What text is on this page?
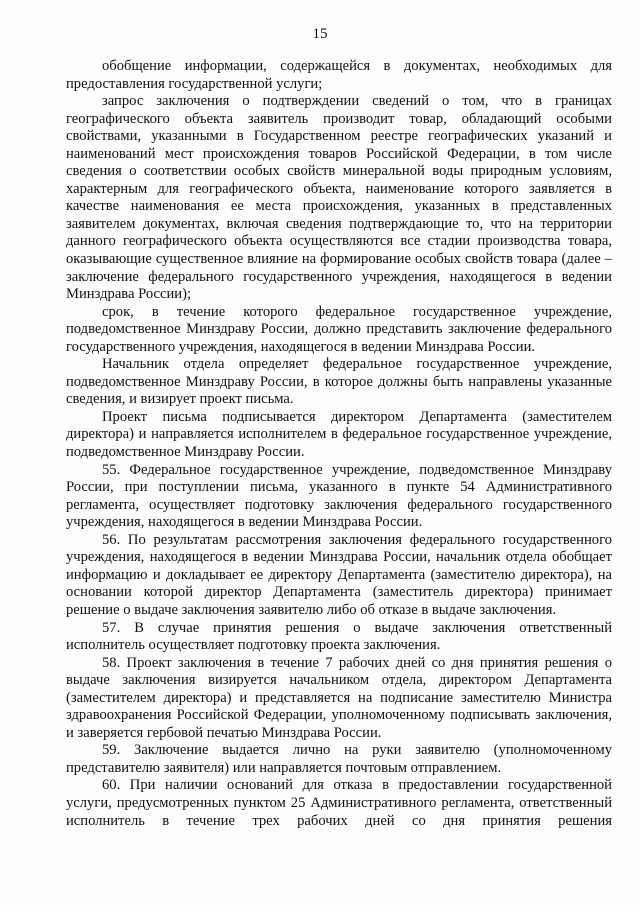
15

обобщение информации, содержащейся в документах, необходимых для предоставления государственной услуги;

запрос заключения о подтверждении сведений о том, что в границах географического объекта заявитель производит товар, обладающий особыми свойствами, указанными в Государственном реестре географических указаний и наименований мест происхождения товаров Российской Федерации, в том числе сведения о соответствии особых свойств минеральной воды природным условиям, характерным для географического объекта, наименование которого заявляется в качестве наименования ее места происхождения, указанных в представленных заявителем документах, включая сведения подтверждающие то, что на территории данного географического объекта осуществляются все стадии производства товара, оказывающие существенное влияние на формирование особых свойств товара (далее – заключение федерального государственного учреждения, находящегося в ведении Минздрава России);

срок, в течение которого федеральное государственное учреждение, подведомственное Минздраву России, должно представить заключение федерального государственного учреждения, находящегося в ведении Минздрава России.

Начальник отдела определяет федеральное государственное учреждение, подведомственное Минздраву России, в которое должны быть направлены указанные сведения, и визирует проект письма.

Проект письма подписывается директором Департамента (заместителем директора) и направляется исполнителем в федеральное государственное учреждение, подведомственное Минздраву России.

55. Федеральное государственное учреждение, подведомственное Минздраву России, при поступлении письма, указанного в пункте 54 Административного регламента, осуществляет подготовку заключения федерального государственного учреждения, находящегося в ведении Минздрава России.

56. По результатам рассмотрения заключения федерального государственного учреждения, находящегося в ведении Минздрава России, начальник отдела обобщает информацию и докладывает ее директору Департамента (заместителю директора), на основании которой директор Департамента (заместитель директора) принимает решение о выдаче заключения заявителю либо об отказе в выдаче заключения.

57. В случае принятия решения о выдаче заключения ответственный исполнитель осуществляет подготовку проекта заключения.

58. Проект заключения в течение 7 рабочих дней со дня принятия решения о выдаче заключения визируется начальником отдела, директором Департамента (заместителем директора) и представляется на подписание заместителю Министра здравоохранения Российской Федерации, уполномоченному подписывать заключения, и заверяется гербовой печатью Минздрава России.

59. Заключение выдается лично на руки заявителю (уполномоченному представителю заявителя) или направляется почтовым отправлением.

60. При наличии оснований для отказа в предоставлении государственной услуги, предусмотренных пунктом 25 Административного регламента, ответственный исполнитель в течение трех рабочих дней со дня принятия решения
